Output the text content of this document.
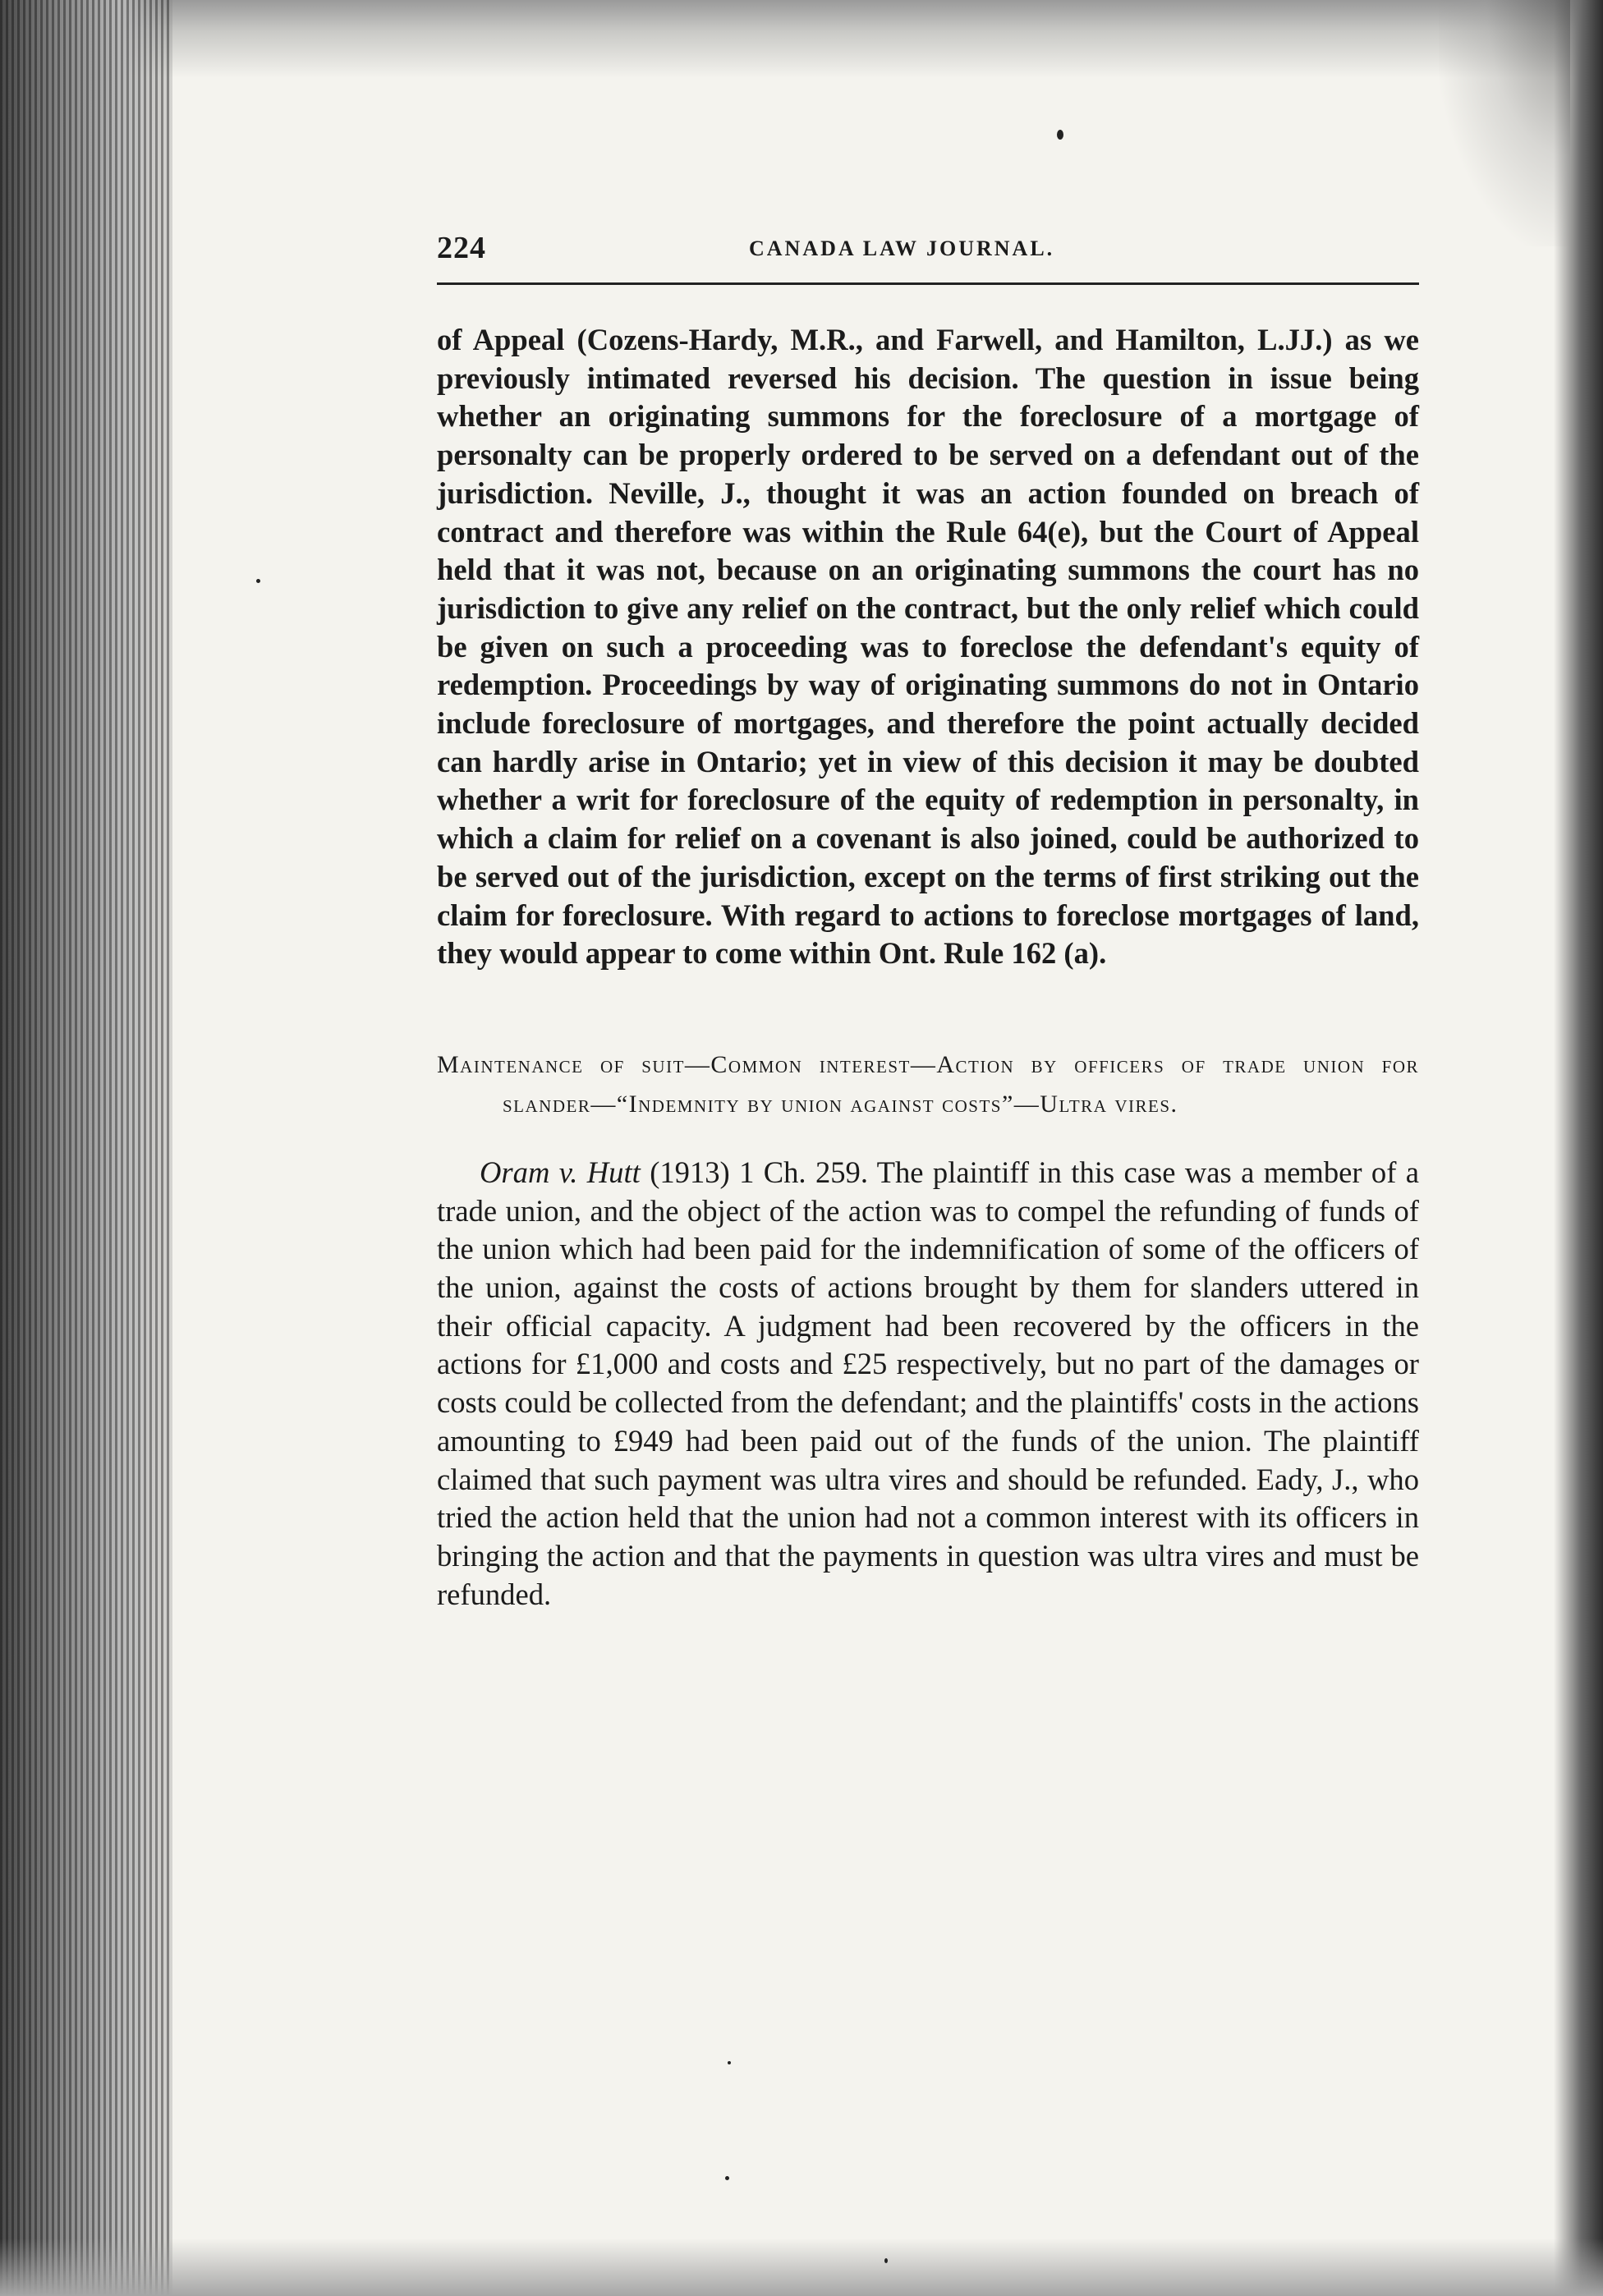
224	CANADA LAW JOURNAL.

of Appeal (Cozens-Hardy, M.R., and Farwell, and Hamilton, L.JJ.) as we previously intimated reversed his decision. The question in issue being whether an originating summons for the foreclosure of a mortgage of personalty can be properly ordered to be served on a defendant out of the jurisdiction. Neville, J., thought it was an action founded on breach of contract and therefore was within the Rule 64(e), but the Court of Appeal held that it was not, because on an originating summons the court has no jurisdiction to give any relief on the contract, but the only relief which could be given on such a proceeding was to foreclose the defendant's equity of redemption. Proceedings by way of originating summons do not in Ontario include foreclosure of mortgages, and therefore the point actually decided can hardly arise in Ontario; yet in view of this decision it may be doubted whether a writ for foreclosure of the equity of redemption in personalty, in which a claim for relief on a covenant is also joined, could be authorized to be served out of the jurisdiction, except on the terms of first striking out the claim for foreclosure. With regard to actions to foreclose mortgages of land, they would appear to come within Ont. Rule 162 (a).

Maintenance of suit—Common interest—Action by officers of trade union for slander—“Indemnity by union against costs”—Ultra vires.

Oram v. Hutt (1913) 1 Ch. 259. The plaintiff in this case was a member of a trade union, and the object of the action was to compel the refunding of funds of the union which had been paid for the indemnification of some of the officers of the union, against the costs of actions brought by them for slanders uttered in their official capacity. A judgment had been recovered by the officers in the actions for £1,000 and costs and £25 respectively, but no part of the damages or costs could be collected from the defendant; and the plaintiffs' costs in the actions amounting to £949 had been paid out of the funds of the union. The plaintiff claimed that such payment was ultra vires and should be refunded. Eady, J., who tried the action held that the union had not a common interest with its officers in bringing the action and that the payments in question was ultra vires and must be refunded.
